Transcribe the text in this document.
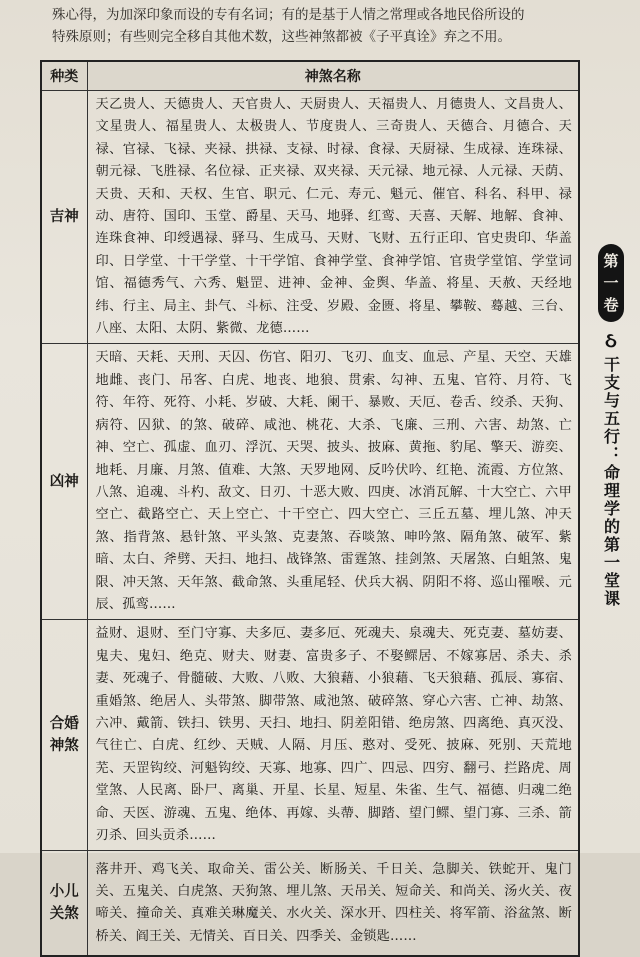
殊心得，为加深印象而设的专有名词；有的是基于人情之常理或各地民俗所设的

特殊原则；有些则完全移自其他术数，这些神煞都被《子平真诠》弃之不用。

种类	神煞名称
吉神	天乙贵人、天德贵人、天官贵人、天厨贵人、天福贵人、月德贵人、文昌贵人、文星贵人、福星贵人、太极贵人、节度贵人、三奇贵人、天德合、月德合、天禄、官禄、飞禄、夹禄、拱禄、支禄、时禄、食禄、天厨禄、生成禄、连珠禄、朝元禄、飞胜禄、名位禄、正夹禄、双夹禄、天元禄、地元禄、人元禄、天荫、天贵、天和、天权、生官、职元、仁元、寿元、魁元、催官、科名、科甲、禄动、唐符、国印、玉堂、爵星、天马、地驿、红鸾、天喜、天解、地解、食神、连珠食神、印绶遇禄、驿马、生成马、天财、飞财、五行正印、官史贵印、华盖印、日学堂、十干学堂、十干学馆、食神学堂、食神学馆、官贵学堂馆、学堂词馆、福德秀气、六秀、魁罡、进神、金神、金舆、华盖、将星、天赦、天经地纬、行主、局主、卦气、斗标、注受、岁殿、金匮、将星、攀鞍、蓦越、三台、八座、太阳、太阴、紫微、龙德……
凶神	天暗、天耗、天刑、天囚、伤官、阳刃、飞刃、血支、血忌、产星、天空、天雄地雌、丧门、吊客、白虎、地丧、地狼、贯索、勾神、五鬼、官符、月符、飞符、年符、死符、小耗、岁破、大耗、阑干、暴败、天厄、卷舌、绞杀、天狗、病符、囚狱、的煞、破碎、咸池、桃花、大杀、飞廉、三刑、六害、劫煞、亡神、空亡、孤虚、血刃、浮沉、天哭、披头、披麻、黄拖、豹尾、擎天、游奕、地耗、月廉、月煞、值难、大煞、天罗地网、反吟伏吟、红艳、流霞、方位煞、八煞、追魂、斗杓、敌文、日刃、十恶大败、四庚、冰消瓦解、十大空亡、六甲空亡、截路空亡、天上空亡、十干空亡、四大空亡、三丘五墓、埋儿煞、冲天煞、指背煞、悬针煞、平头煞、克妻煞、吞啖煞、呻吟煞、隔角煞、破军、紫暗、太白、斧劈、天扫、地扫、战锋煞、雷霆煞、挂剑煞、天屠煞、白蛆煞、鬼限、冲天煞、天年煞、截命煞、头重尾轻、伏兵大祸、阴阳不将、巡山罹喉、元辰、孤鸾……
合婚神煞	益财、退财、至门守寡、夫多厄、妻多厄、死魂夫、泉魂夫、死克妻、墓妨妻、鬼夫、鬼妇、绝克、财夫、财妻、富贵多子、不娶鳏居、不嫁寡居、杀夫、杀妻、死魂子、骨髓破、大败、八败、大狼藉、小狼藉、飞天狼藉、孤辰、寡宿、重婚煞、绝居人、头带煞、脚带煞、咸池煞、破碎煞、穿心六害、亡神、劫煞、六冲、戴箭、铁扫、铁男、天扫、地扫、阴差阳错、绝房煞、四离绝、真灭没、气往亡、白虎、红纱、天贼、人隔、月压、憨对、受死、披麻、死别、天荒地芜、天罡钩绞、河魁钩绞、天寡、地寡、四广、四忌、四穷、翻弓、拦路虎、周堂煞、人民离、卧尸、离巢、开星、长星、短星、朱雀、生气、福德、归魂二绝命、天医、游魂、五鬼、绝体、再嫁、头蔕、脚踏、望门鳏、望门寡、三杀、箭刃杀、回头贡杀……
小儿关煞	落井开、鸡飞关、取命关、雷公关、断肠关、千日关、急脚关、铁蛇开、鬼门关、五鬼关、白虎煞、天狗煞、埋儿煞、天吊关、短命关、和尚关、汤火关、夜啼关、撞命关、真难关琳魔关、水火关、深水开、四柱关、将军箭、浴盆煞、断桥关、阎王关、无情关、百日关、四季关、金锁匙……
第
一
卷
ઠ
干支与五行：命理学的第一堂课
